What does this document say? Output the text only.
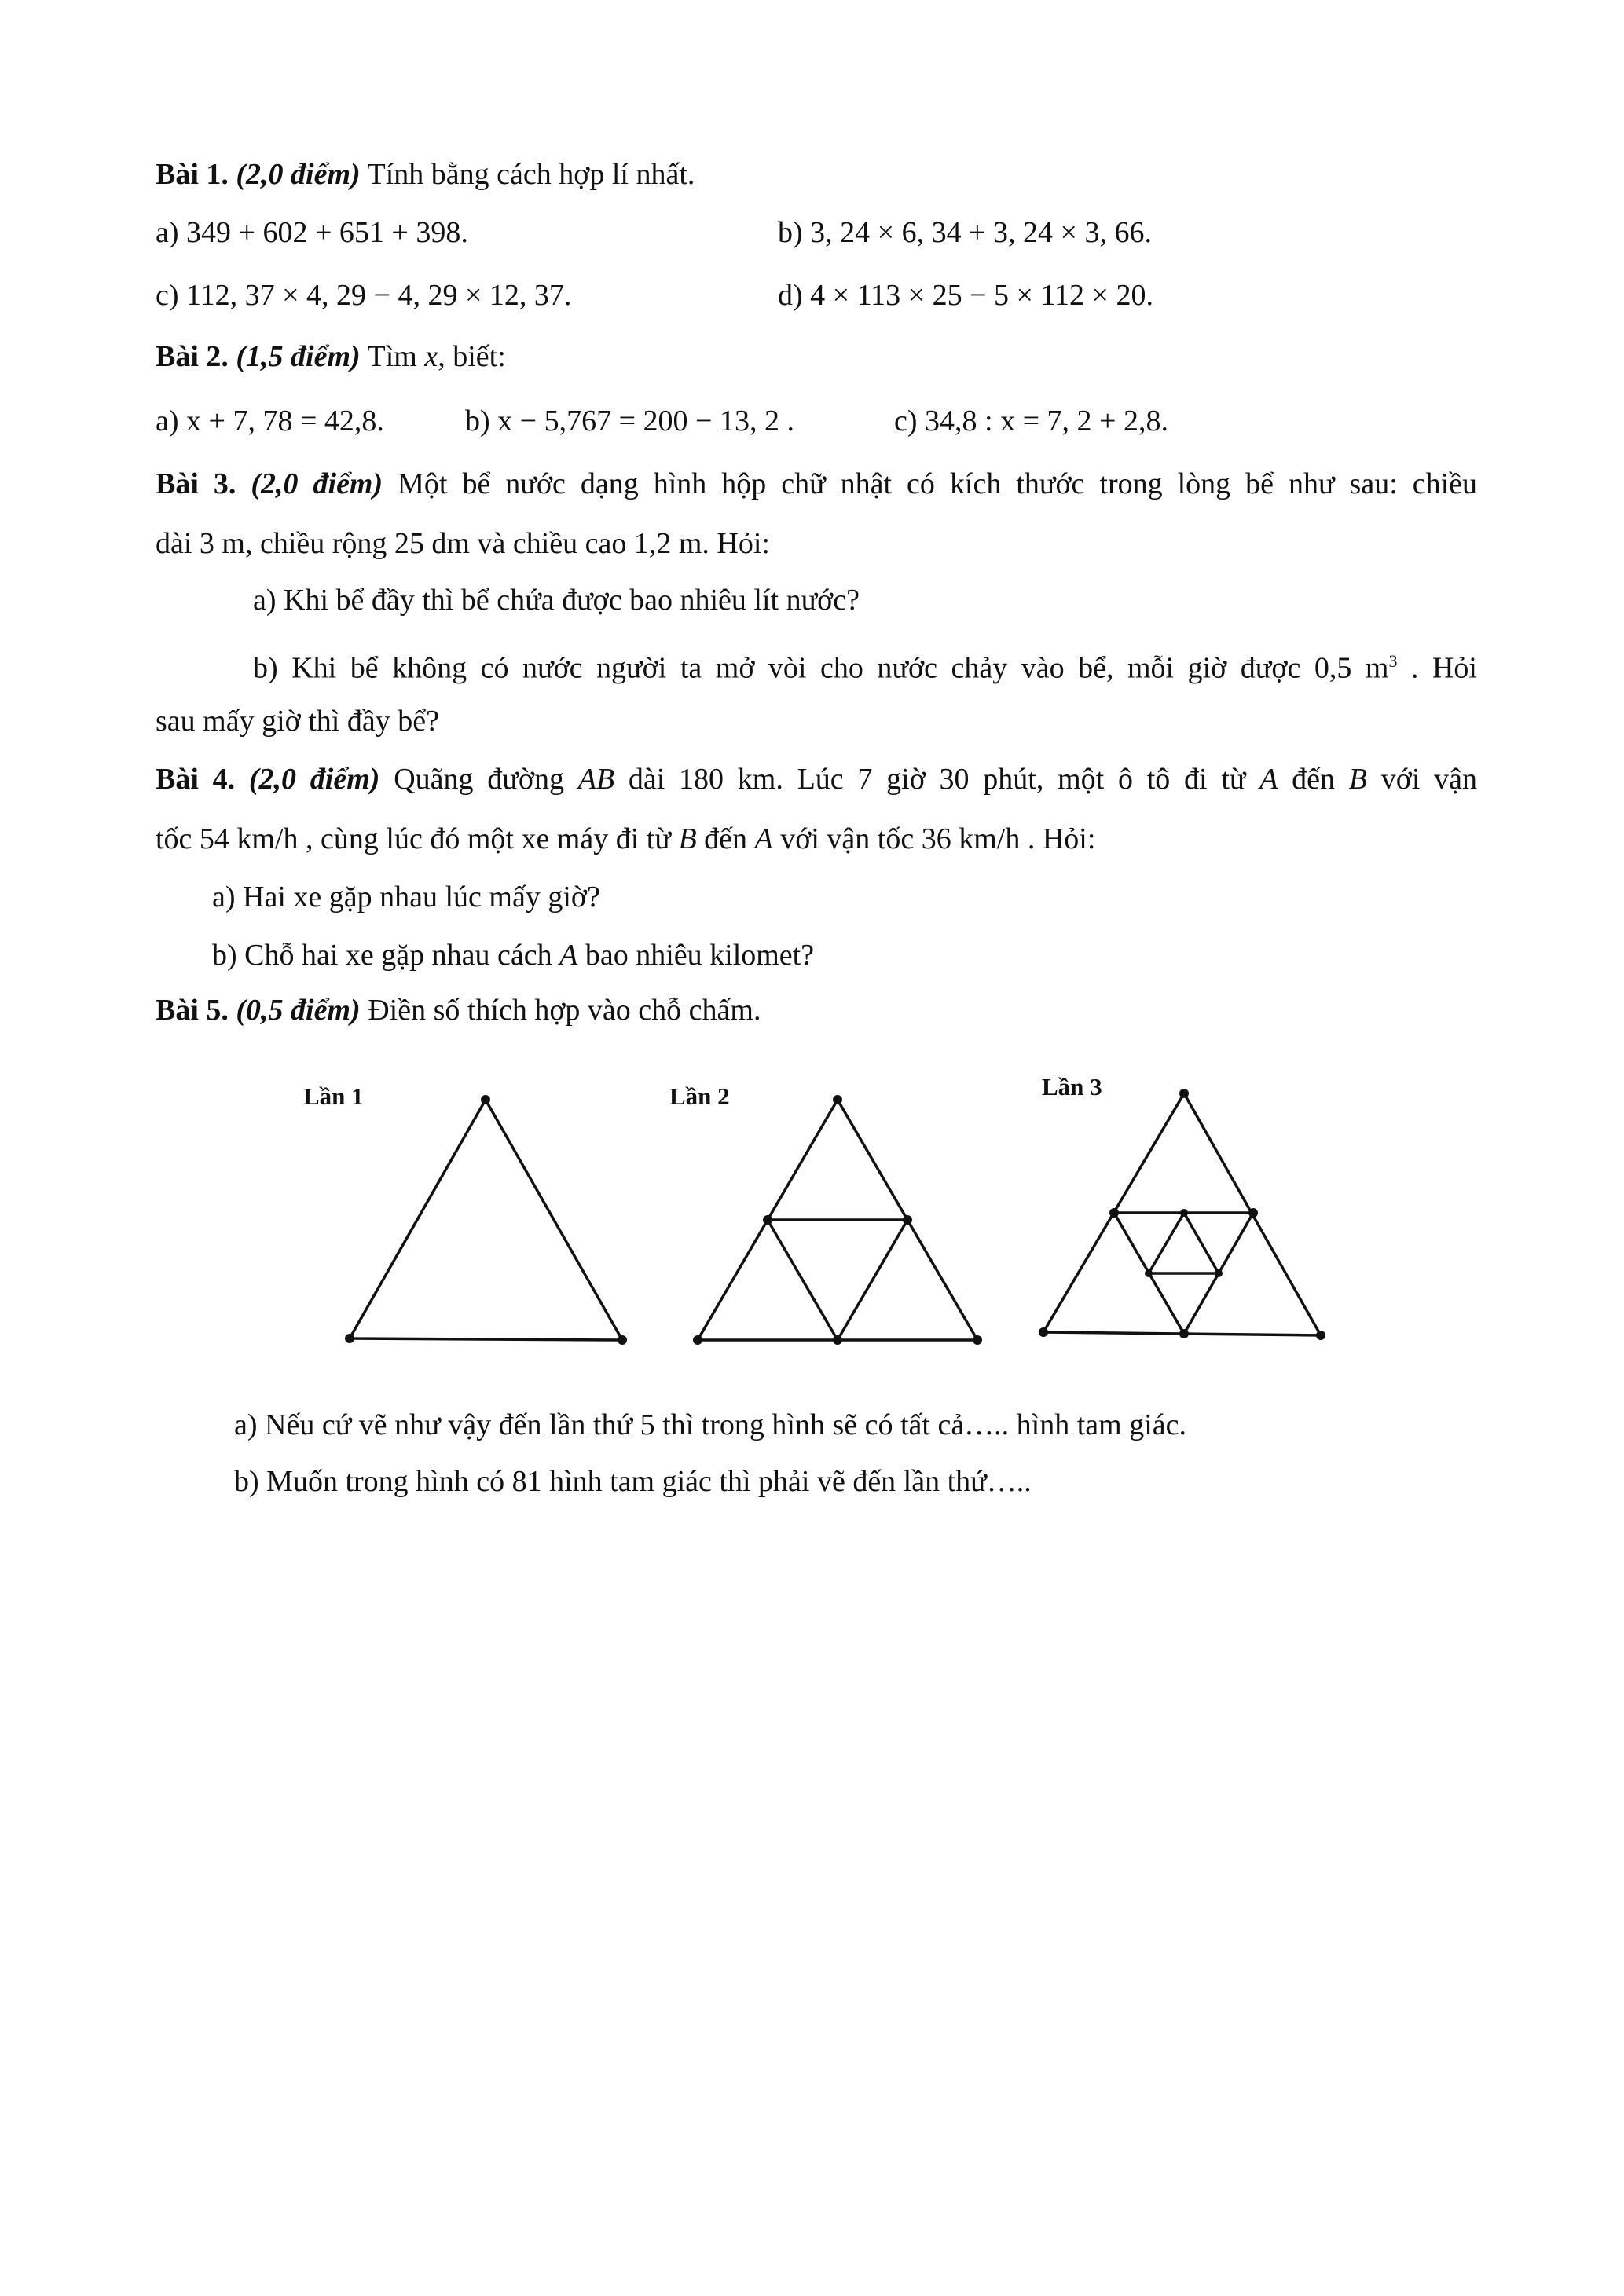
Bài 1. (2,0 điểm) Tính bằng cách hợp lí nhất.
a) 349 + 602 + 651 + 398.	b) 3, 24 × 6, 34 + 3, 24 × 3, 66.
c) 112, 37 × 4, 29 − 4, 29 × 12, 37.	d) 4 × 113 × 25 − 5 × 112 × 20.
Bài 2. (1,5 điểm) Tìm x, biết:
a) x + 7, 78 = 42,8.	b) x − 5,767 = 200 − 13, 2 .	c) 34,8 : x = 7, 2 + 2,8.
Bài 3. (2,0 điểm) Một bể nước dạng hình hộp chữ nhật có kích thước trong lòng bể như sau: chiều
dài 3 m, chiều rộng 25 dm và chiều cao 1,2 m. Hỏi:
a) Khi bể đầy thì bể chứa được bao nhiêu lít nước?
b) Khi bể không có nước người ta mở vòi cho nước chảy vào bể, mỗi giờ được 0,5 $m^3$ . Hỏi
sau mấy giờ thì đầy bể?
Bài 4. (2,0 điểm) Quãng đường AB dài 180 km. Lúc 7 giờ 30 phút, một ô tô đi từ A đến B với vận
tốc 54 km/h , cùng lúc đó một xe máy đi từ B đến A với vận tốc 36 km/h . Hỏi:
a) Hai xe gặp nhau lúc mấy giờ?
b) Chỗ hai xe gặp nhau cách A bao nhiêu kilomet?
Bài 5. (0,5 điểm) Điền số thích hợp vào chỗ chấm.
Lần 1	Lần 2	Lần 3
a) Nếu cứ vẽ như vậy đến lần thứ 5 thì trong hình sẽ có tất cả….. hình tam giác.
b) Muốn trong hình có 81 hình tam giác thì phải vẽ đến lần thứ…..
